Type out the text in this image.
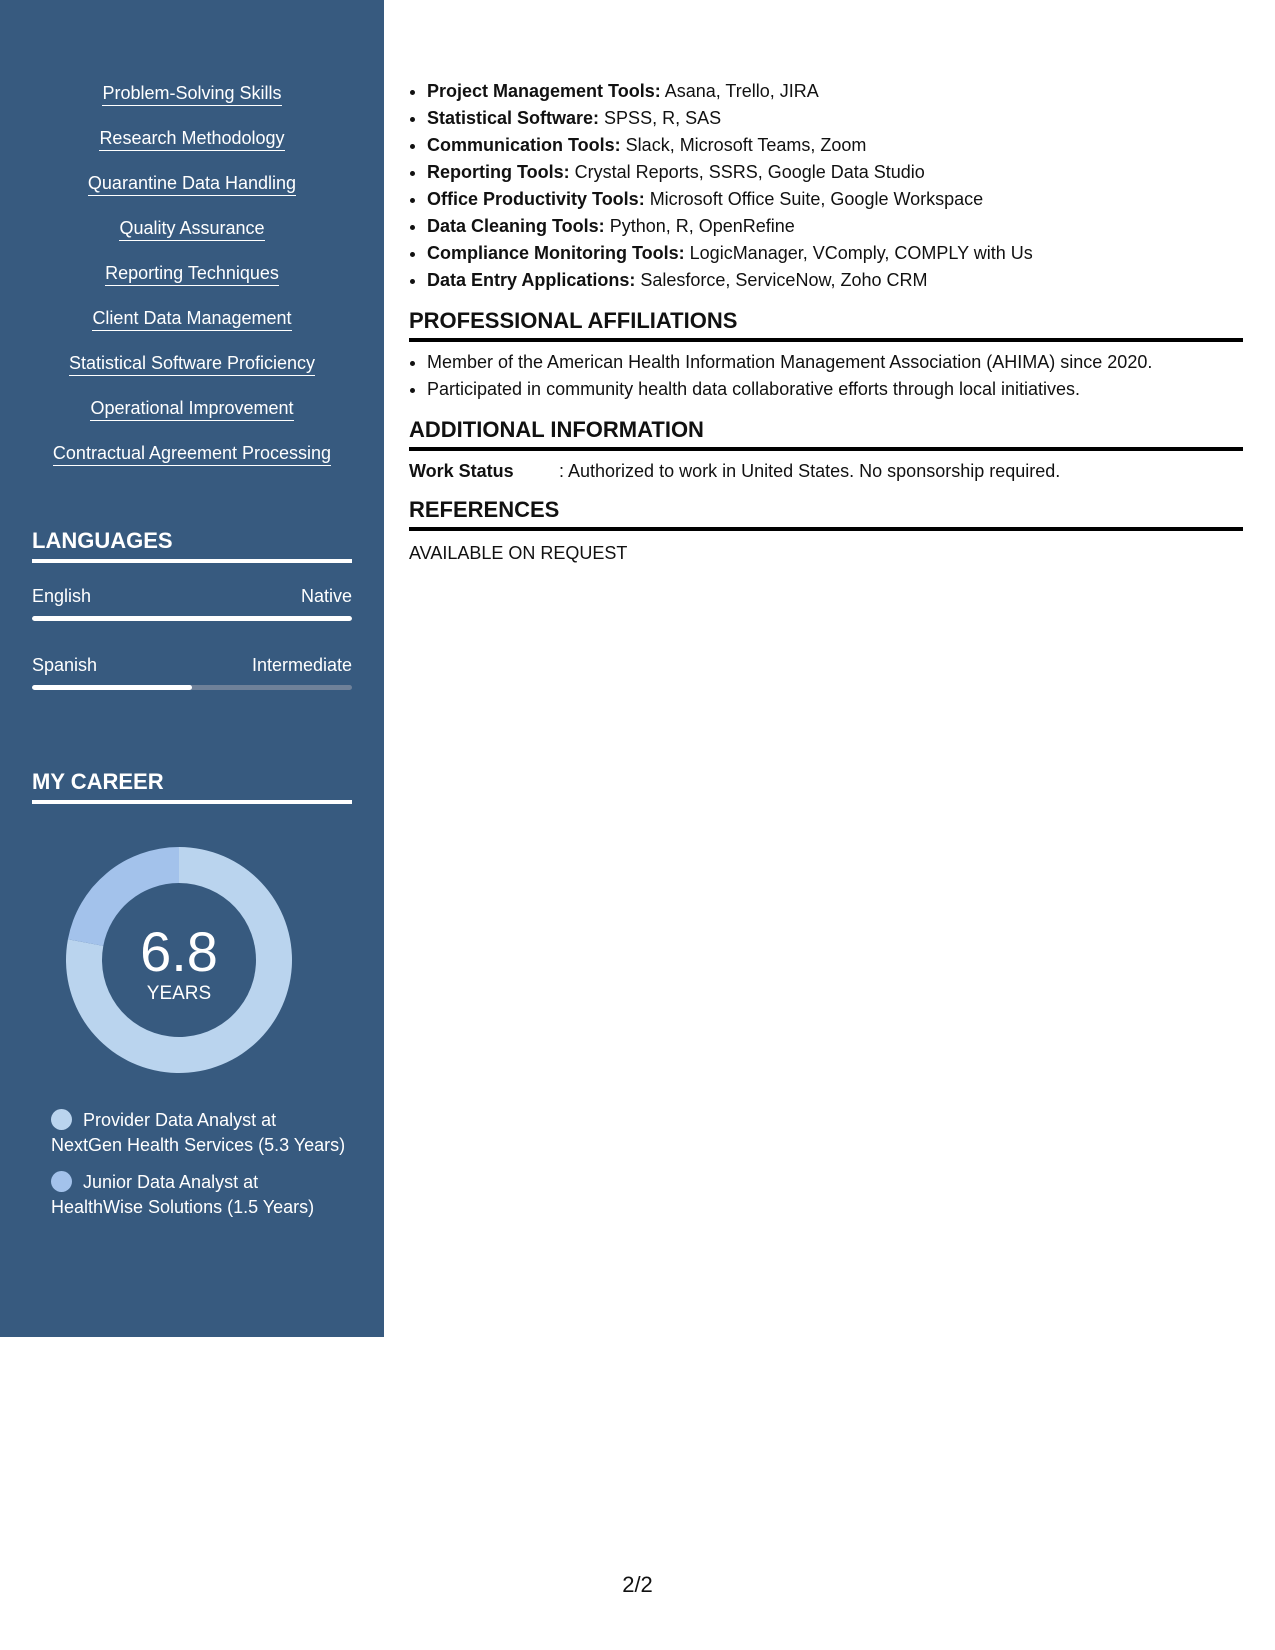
Problem-Solving Skills
Research Methodology
Quarantine Data Handling
Quality Assurance
Reporting Techniques
Client Data Management
Statistical Software Proficiency
Operational Improvement
Contractual Agreement Processing
LANGUAGES
English	Native
Spanish	Intermediate
MY CAREER
6.8
YEARS
Provider Data Analyst at NextGen Health Services (5.3 Years)
Junior Data Analyst at HealthWise Solutions (1.5 Years)
• Project Management Tools: Asana, Trello, JIRA
• Statistical Software: SPSS, R, SAS
• Communication Tools: Slack, Microsoft Teams, Zoom
• Reporting Tools: Crystal Reports, SSRS, Google Data Studio
• Office Productivity Tools: Microsoft Office Suite, Google Workspace
• Data Cleaning Tools: Python, R, OpenRefine
• Compliance Monitoring Tools: LogicManager, VComply, COMPLY with Us
• Data Entry Applications: Salesforce, ServiceNow, Zoho CRM
PROFESSIONAL AFFILIATIONS
• Member of the American Health Information Management Association (AHIMA) since 2020.
• Participated in community health data collaborative efforts through local initiatives.
ADDITIONAL INFORMATION
Work Status	: Authorized to work in United States. No sponsorship required.
REFERENCES
AVAILABLE ON REQUEST
2/2
